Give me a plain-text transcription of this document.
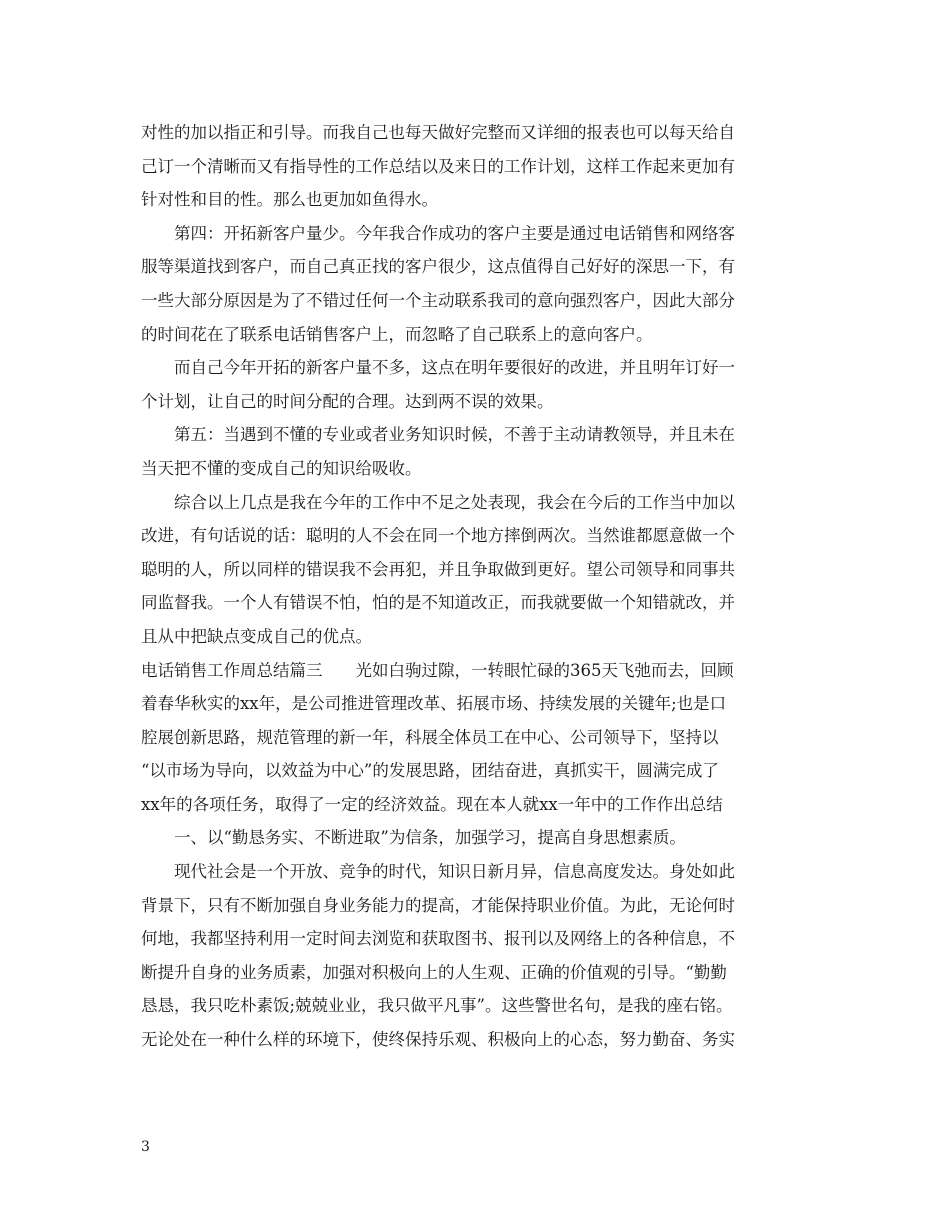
对性的加以指正和引导。而我自己也每天做好完整而又详细的报表也可以每天给自
己订一个清晰而又有指导性的工作总结以及来日的工作计划，这样工作起来更加有
针对性和目的性。那么也更加如鱼得水。
第四：开拓新客户量少。今年我合作成功的客户主要是通过电话销售和网络客
服等渠道找到客户，而自己真正找的客户很少，这点值得自己好好的深思一下，有
一些大部分原因是为了不错过任何一个主动联系我司的意向强烈客户，因此大部分
的时间花在了联系电话销售客户上，而忽略了自己联系上的意向客户。
而自己今年开拓的新客户量不多，这点在明年要很好的改进，并且明年订好一
个计划，让自己的时间分配的合理。达到两不误的效果。
第五：当遇到不懂的专业或者业务知识时候，不善于主动请教领导，并且未在
当天把不懂的变成自己的知识给吸收。
综合以上几点是我在今年的工作中不足之处表现，我会在今后的工作当中加以
改进，有句话说的话：聪明的人不会在同一个地方摔倒两次。当然谁都愿意做一个
聪明的人，所以同样的错误我不会再犯，并且争取做到更好。望公司领导和同事共
同监督我。一个人有错误不怕，怕的是不知道改正，而我就要做一个知错就改，并
且从中把缺点变成自己的优点。
电话销售工作周总结篇三　　光如白驹过隙，一转眼忙碌的365天飞弛而去，回顾
着春华秋实的xx年，是公司推进管理改革、拓展市场、持续发展的关键年;也是口
腔展创新思路，规范管理的新一年，科展全体员工在中心、公司领导下，坚持以
“以市场为导向，以效益为中心”的发展思路，团结奋进，真抓实干，圆满完成了
xx年的各项任务，取得了一定的经济效益。现在本人就xx一年中的工作作出总结
一、以“勤恳务实、不断进取”为信条，加强学习，提高自身思想素质。
现代社会是一个开放、竞争的时代，知识日新月异，信息高度发达。身处如此
背景下，只有不断加强自身业务能力的提高，才能保持职业价值。为此，无论何时
何地，我都坚持利用一定时间去浏览和获取图书、报刊以及网络上的各种信息，不
断提升自身的业务质素，加强对积极向上的人生观、正确的价值观的引导。“勤勤
恳恳，我只吃朴素饭;兢兢业业，我只做平凡事”。这些警世名句，是我的座右铭。
无论处在一种什么样的环境下，使终保持乐观、积极向上的心态，努力勤奋、务实
3
